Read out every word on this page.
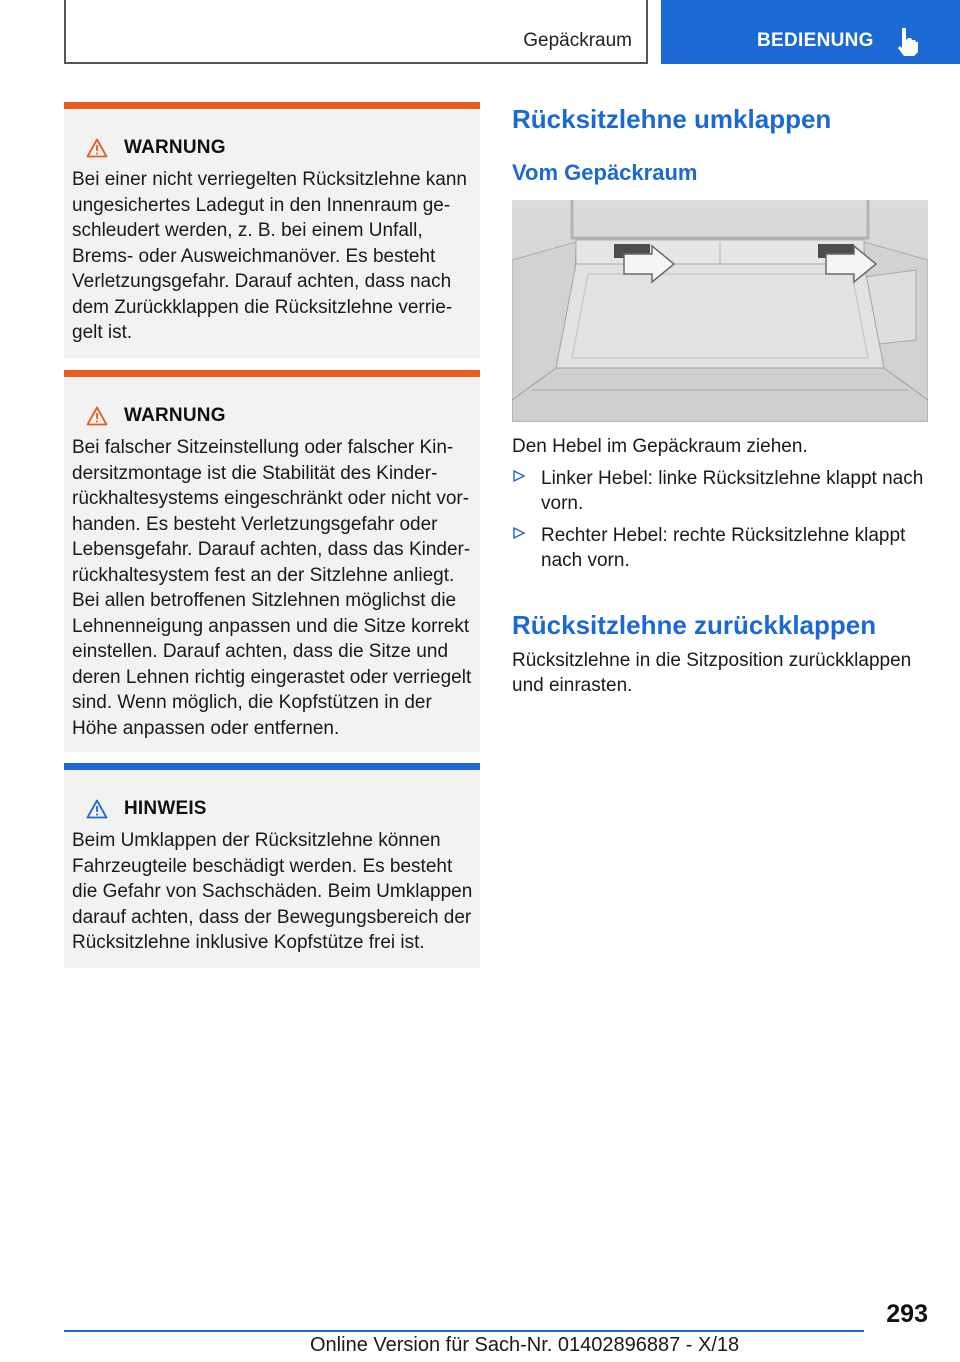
Gepäckraum	BEDIENUNG
WARNUNG

Bei einer nicht verriegelten Rücksitzlehne kann
ungesichertes Ladegut in den Innenraum ge-
schleudert werden, z. B. bei einem Unfall,
Brems- oder Ausweichmanöver. Es besteht
Verletzungsgefahr. Darauf achten, dass nach
dem Zurückklappen die Rücksitzlehne verrie-
gelt ist.

WARNUNG

Bei falscher Sitzeinstellung oder falscher Kin-
dersitzmontage ist die Stabilität des Kinder-
rückhaltesystems eingeschränkt oder nicht vor-
handen. Es besteht Verletzungsgefahr oder
Lebensgefahr. Darauf achten, dass das Kinder-
rückhaltesystem fest an der Sitzlehne anliegt.
Bei allen betroffenen Sitzlehnen möglichst die
Lehnenneigung anpassen und die Sitze korrekt
einstellen. Darauf achten, dass die Sitze und
deren Lehnen richtig eingerastet oder verriegelt
sind. Wenn möglich, die Kopfstützen in der
Höhe anpassen oder entfernen.

HINWEIS

Beim Umklappen der Rücksitzlehne können
Fahrzeugteile beschädigt werden. Es besteht
die Gefahr von Sachschäden. Beim Umklappen
darauf achten, dass der Bewegungsbereich der
Rücksitzlehne inklusive Kopfstütze frei ist.

Rücksitzlehne umklappen
Vom Gepäckraum

Den Hebel im Gepäckraum ziehen.

Linker Hebel: linke Rücksitzlehne klappt nach
vorn.
Rechter Hebel: rechte Rücksitzlehne klappt
nach vorn.
Rücksitzlehne zurückklappen

Rücksitzlehne in die Sitzposition zurückklappen
und einrasten.

293
Online Version für Sach-Nr. 01402896887 - X/18
